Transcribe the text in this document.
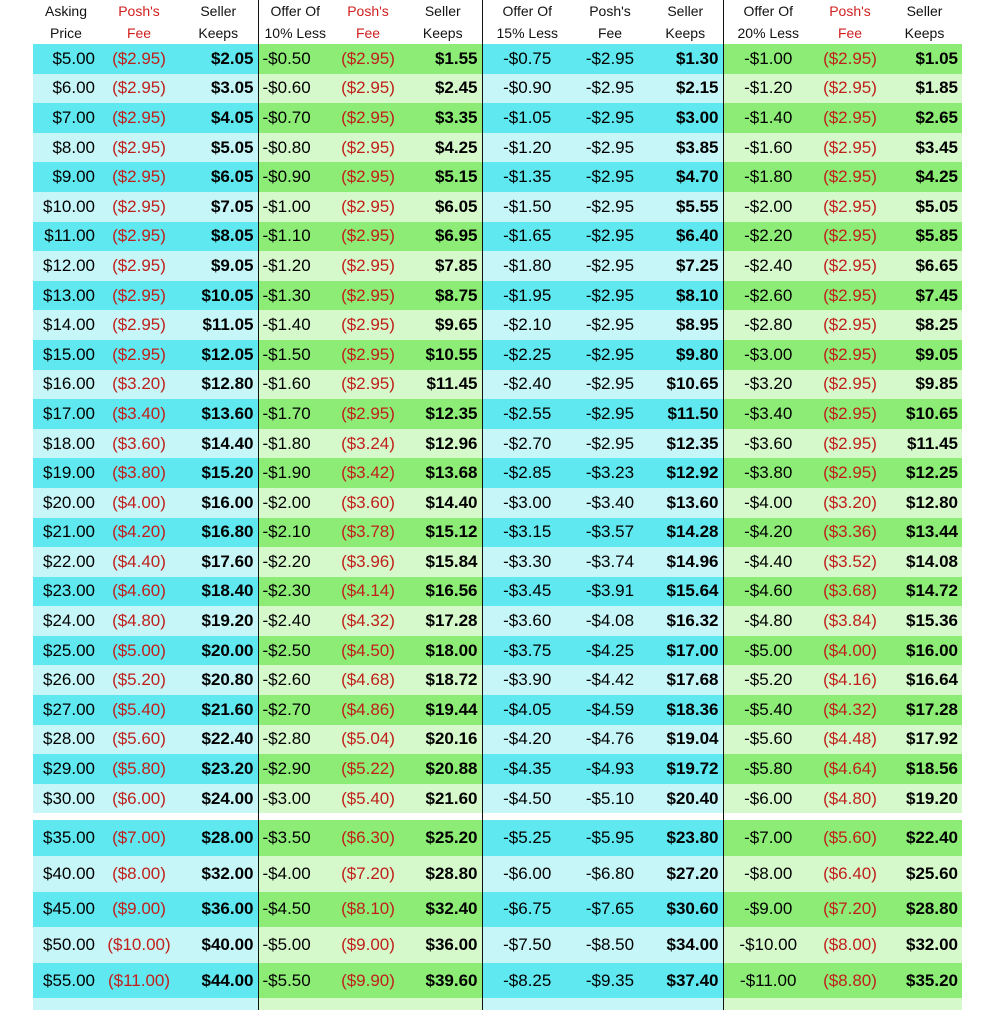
Asking	Posh's	Seller	Offer Of	Posh's	Seller	Offer Of	Posh's	Seller	Offer Of	Posh's	Seller
Price	Fee	Keeps	10% Less	Fee	Keeps	15% Less	Fee	Keeps	20% Less	Fee	Keeps
$5.00	($2.95)	$2.05	-$0.50	($2.95)	$1.55	-$0.75	-$2.95	$1.30	-$1.00	($2.95)	$1.05
$6.00	($2.95)	$3.05	-$0.60	($2.95)	$2.45	-$0.90	-$2.95	$2.15	-$1.20	($2.95)	$1.85
$7.00	($2.95)	$4.05	-$0.70	($2.95)	$3.35	-$1.05	-$2.95	$3.00	-$1.40	($2.95)	$2.65
$8.00	($2.95)	$5.05	-$0.80	($2.95)	$4.25	-$1.20	-$2.95	$3.85	-$1.60	($2.95)	$3.45
$9.00	($2.95)	$6.05	-$0.90	($2.95)	$5.15	-$1.35	-$2.95	$4.70	-$1.80	($2.95)	$4.25
$10.00	($2.95)	$7.05	-$1.00	($2.95)	$6.05	-$1.50	-$2.95	$5.55	-$2.00	($2.95)	$5.05
$11.00	($2.95)	$8.05	-$1.10	($2.95)	$6.95	-$1.65	-$2.95	$6.40	-$2.20	($2.95)	$5.85
$12.00	($2.95)	$9.05	-$1.20	($2.95)	$7.85	-$1.80	-$2.95	$7.25	-$2.40	($2.95)	$6.65
$13.00	($2.95)	$10.05	-$1.30	($2.95)	$8.75	-$1.95	-$2.95	$8.10	-$2.60	($2.95)	$7.45
$14.00	($2.95)	$11.05	-$1.40	($2.95)	$9.65	-$2.10	-$2.95	$8.95	-$2.80	($2.95)	$8.25
$15.00	($2.95)	$12.05	-$1.50	($2.95)	$10.55	-$2.25	-$2.95	$9.80	-$3.00	($2.95)	$9.05
$16.00	($3.20)	$12.80	-$1.60	($2.95)	$11.45	-$2.40	-$2.95	$10.65	-$3.20	($2.95)	$9.85
$17.00	($3.40)	$13.60	-$1.70	($2.95)	$12.35	-$2.55	-$2.95	$11.50	-$3.40	($2.95)	$10.65
$18.00	($3.60)	$14.40	-$1.80	($3.24)	$12.96	-$2.70	-$2.95	$12.35	-$3.60	($2.95)	$11.45
$19.00	($3.80)	$15.20	-$1.90	($3.42)	$13.68	-$2.85	-$3.23	$12.92	-$3.80	($2.95)	$12.25
$20.00	($4.00)	$16.00	-$2.00	($3.60)	$14.40	-$3.00	-$3.40	$13.60	-$4.00	($3.20)	$12.80
$21.00	($4.20)	$16.80	-$2.10	($3.78)	$15.12	-$3.15	-$3.57	$14.28	-$4.20	($3.36)	$13.44
$22.00	($4.40)	$17.60	-$2.20	($3.96)	$15.84	-$3.30	-$3.74	$14.96	-$4.40	($3.52)	$14.08
$23.00	($4.60)	$18.40	-$2.30	($4.14)	$16.56	-$3.45	-$3.91	$15.64	-$4.60	($3.68)	$14.72
$24.00	($4.80)	$19.20	-$2.40	($4.32)	$17.28	-$3.60	-$4.08	$16.32	-$4.80	($3.84)	$15.36
$25.00	($5.00)	$20.00	-$2.50	($4.50)	$18.00	-$3.75	-$4.25	$17.00	-$5.00	($4.00)	$16.00
$26.00	($5.20)	$20.80	-$2.60	($4.68)	$18.72	-$3.90	-$4.42	$17.68	-$5.20	($4.16)	$16.64
$27.00	($5.40)	$21.60	-$2.70	($4.86)	$19.44	-$4.05	-$4.59	$18.36	-$5.40	($4.32)	$17.28
$28.00	($5.60)	$22.40	-$2.80	($5.04)	$20.16	-$4.20	-$4.76	$19.04	-$5.60	($4.48)	$17.92
$29.00	($5.80)	$23.20	-$2.90	($5.22)	$20.88	-$4.35	-$4.93	$19.72	-$5.80	($4.64)	$18.56
$30.00	($6.00)	$24.00	-$3.00	($5.40)	$21.60	-$4.50	-$5.10	$20.40	-$6.00	($4.80)	$19.20

$35.00	($7.00)	$28.00	-$3.50	($6.30)	$25.20	-$5.25	-$5.95	$23.80	-$7.00	($5.60)	$22.40
$40.00	($8.00)	$32.00	-$4.00	($7.20)	$28.80	-$6.00	-$6.80	$27.20	-$8.00	($6.40)	$25.60
$45.00	($9.00)	$36.00	-$4.50	($8.10)	$32.40	-$6.75	-$7.65	$30.60	-$9.00	($7.20)	$28.80
$50.00	($10.00)	$40.00	-$5.00	($9.00)	$36.00	-$7.50	-$8.50	$34.00	-$10.00	($8.00)	$32.00
$55.00	($11.00)	$44.00	-$5.50	($9.90)	$39.60	-$8.25	-$9.35	$37.40	-$11.00	($8.80)	$35.20
